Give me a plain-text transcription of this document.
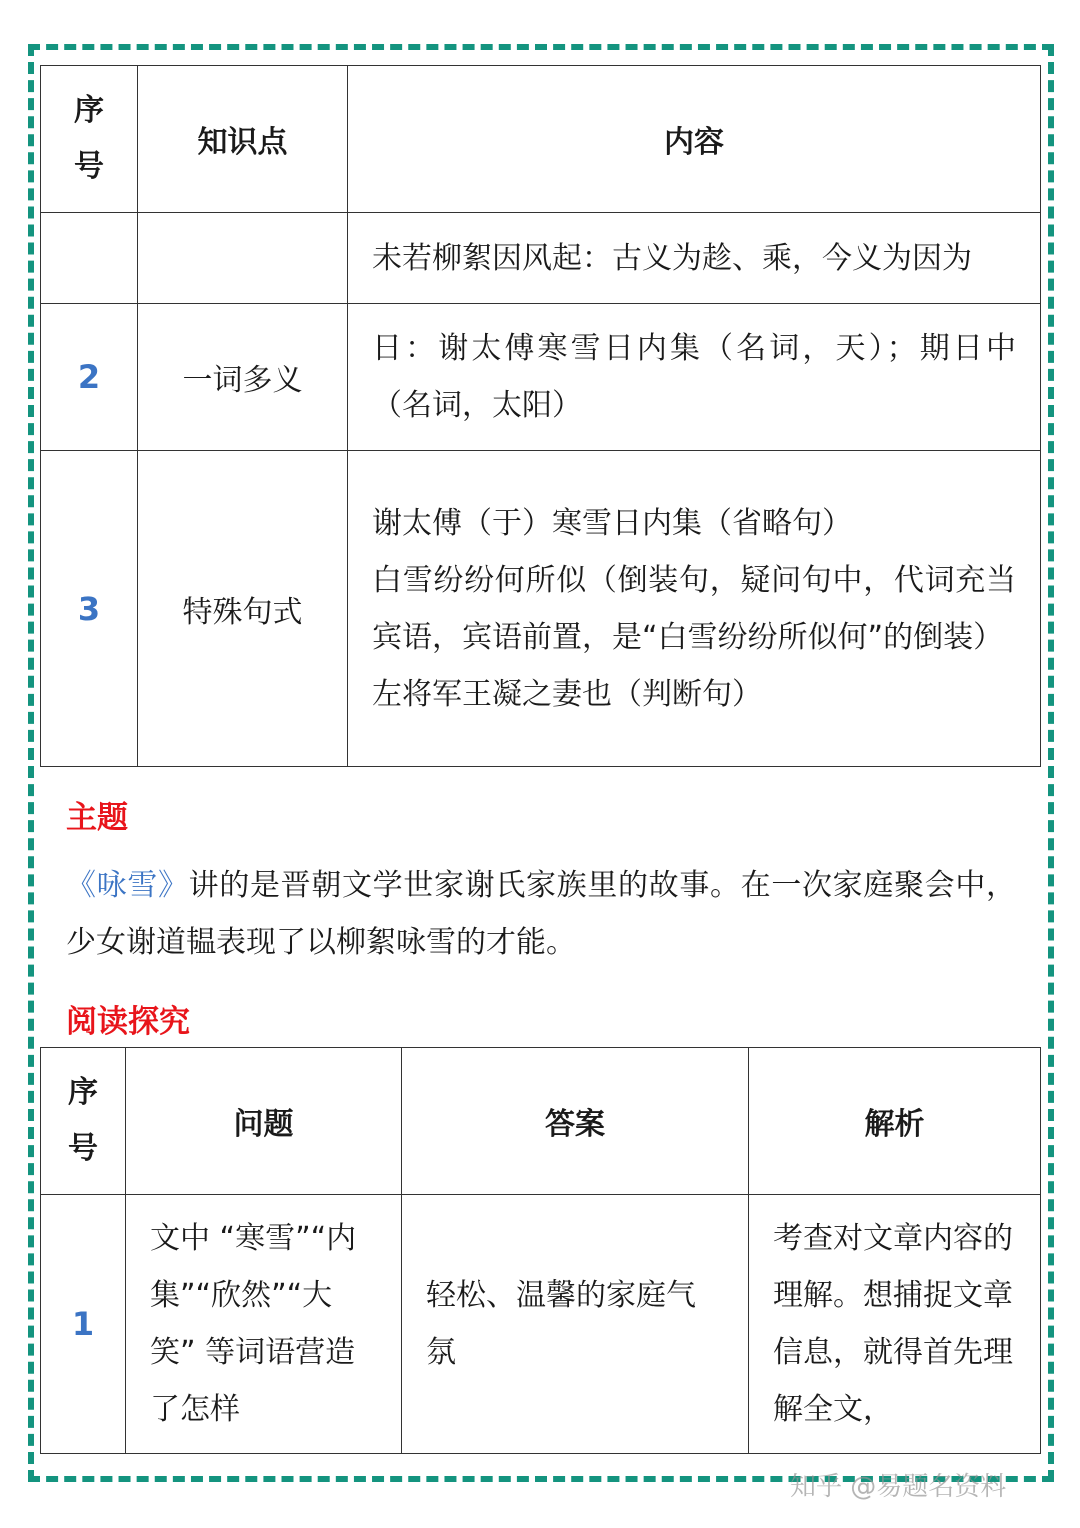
序号	知识点	内容

		未若柳絮因风起：古义为趁、乘，今义为因为

2	一词多义	日：谢太傅寒雪日内集（名词，天）；期日中（名词，太阳）

3	特殊句式	谢太傅（于）寒雪日内集（省略句）
白雪纷纷何所似（倒装句，疑问句中，代词充当宾语，宾语前置，是“白雪纷纷所似何”的倒装）
左将军王凝之妻也（判断句）
主题
《咏雪》讲的是晋朝文学世家谢氏家族里的故事。在一次家庭聚会中，少女谢道韫表现了以柳絮咏雪的才能。
阅读探究
序号	问题	答案	解析
1	文中 “寒雪”“内集”“欣然”“大笑” 等词语营造了怎样	轻松、温馨的家庭气氛	考查对文章内容的理解。想捕捉文章信息，就得首先理解全文，
知乎 @易题名资料
